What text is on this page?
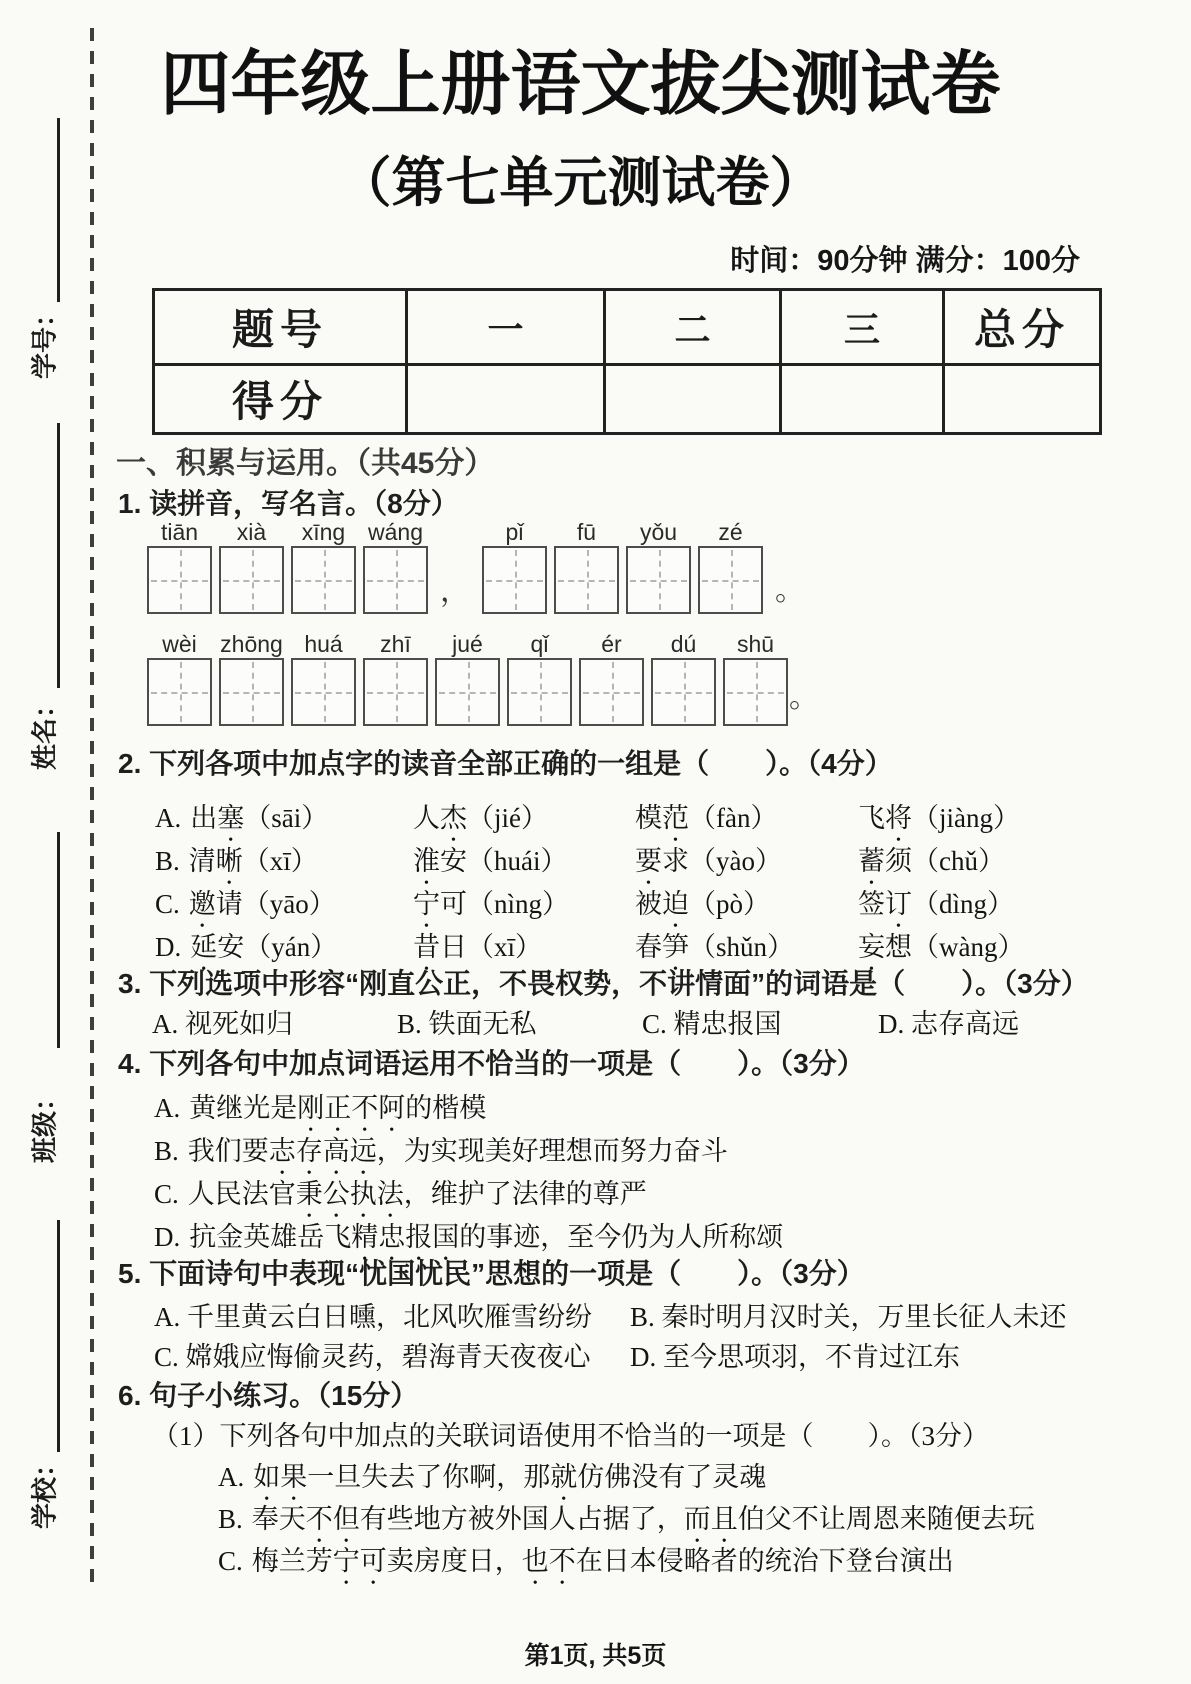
学号：
姓名：
班级：
学校：
四年级上册语文拔尖测试卷
（第七单元测试卷）
时间：90分钟 满分：100分
题号	一	二	三	总分
得分				
一、积累与运用。（共45分）
1. 读拼音，写名言。（8分）
tiān xià xīng wáng
，
pǐ fū yǒu zé
。
wèi zhōng huá zhī jué qǐ ér dú shū
。
2. 下列各项中加点字的读音全部正确的一组是（　　）。（4分）
A. 出塞（sāi）	人杰（jié）	模范（fàn）	飞将（jiàng）
B. 清晰（xī）	淮安（huái）	要求（yào）	蓄须（chǔ）
C. 邀请（yāo）	宁可（nìng） 被迫（pò）	签订（dìng）
D. 延安（yán）	昔日（xī）	春笋（shǔn） 妄想（wàng）
3. 下列选项中形容“刚直公正，不畏权势，不讲情面”的词语是（　　）。（3分）
A. 视死如归	B. 铁面无私	C. 精忠报国	D. 志存高远
4. 下列各句中加点词语运用不恰当的一项是（　　）。（3分）
A. 黄继光是刚正不阿的楷模
B. 我们要志存高远，为实现美好理想而努力奋斗
C. 人民法官秉公执法，维护了法律的尊严
D. 抗金英雄岳飞精忠报国的事迹，至今仍为人所称颂
5. 下面诗句中表现“忧国忧民”思想的一项是（　　）。（3分）
A. 千里黄云白日曛，北风吹雁雪纷纷 B. 秦时明月汉时关，万里长征人未还
C. 嫦娥应悔偷灵药，碧海青天夜夜心 D. 至今思项羽，不肯过江东
6. 句子小练习。（15分）
（1）下列各句中加点的关联词语使用不恰当的一项是（　　）。（3分）
A. 如果一旦失去了你啊，那就仿佛没有了灵魂
B. 奉天不但有些地方被外国人占据了，而且伯父不让周恩来随便去玩
C. 梅兰芳宁可卖房度日，也不在日本侵略者的统治下登台演出
第1页, 共5页
